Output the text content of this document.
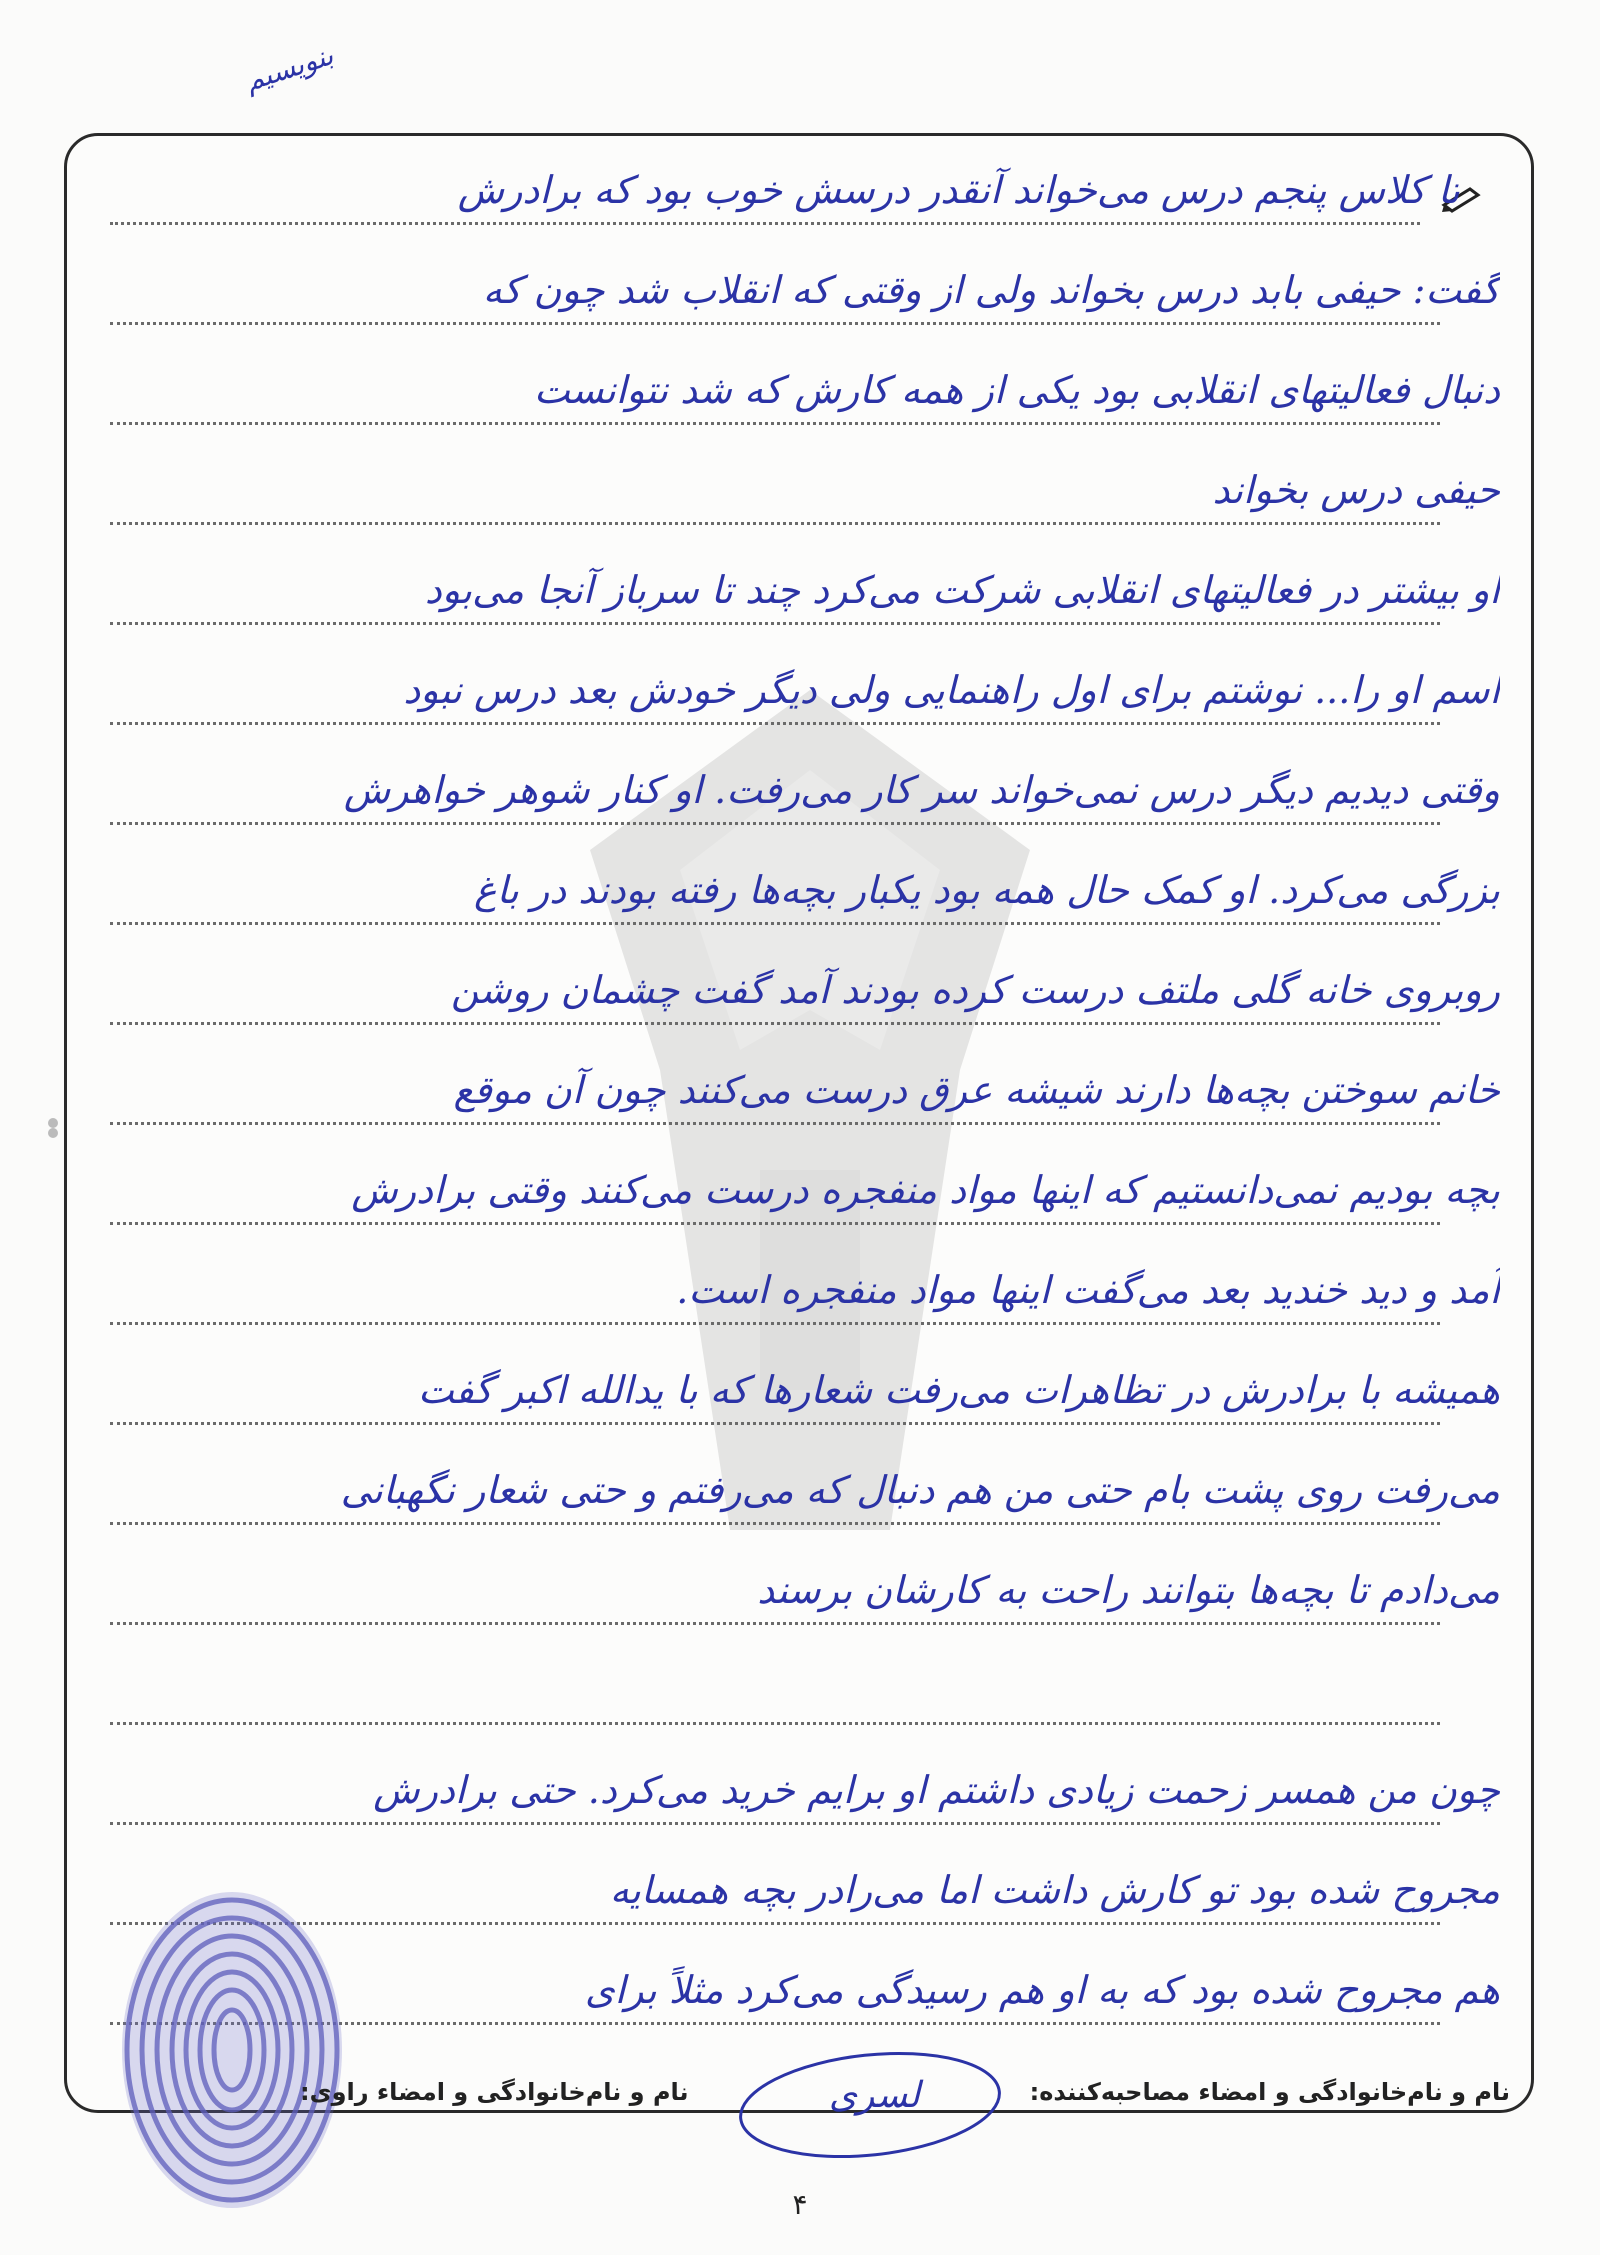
بنویسیم
تا کلاس پنجم درس می‌خواند آنقدر درسش خوب بود که برادرش
گفت: حیفی بابد درس بخواند ولی از وقتی که انقلاب شد چون که
دنبال فعالیتهای انقلابی بود یکی از همه کارش که شد نتوانست
حیفی درس بخواند
او بیشتر در فعالیتهای انقلابی شرکت می‌کرد چند تا سرباز آنجا می‌بود
اسم او را... نوشتم برای اول راهنمایی ولی دیگر خودش بعد درس نبود
وقتی دیدیم دیگر درس نمی‌خواند سر کار می‌رفت. او کنار شوهر خواهرش
بزرگی می‌کرد. او کمک حال همه بود یکبار بچه‌ها رفته بودند در باغ
روبروی خانه گلی ملتف درست کرده بودند آمد گفت چشمان روشن
خانم سوختن بچه‌ها دارند شیشه عرق درست می‌کنند چون آن موقع
بچه بودیم نمی‌دانستیم که اینها مواد منفجره درست می‌کنند وقتی برادرش
آمد و دید خندید بعد می‌گفت اینها مواد منفجره است.
همیشه با برادرش در تظاهرات می‌رفت شعارها که با یدالله اکبر گفت
می‌رفت روی پشت بام حتی من هم دنبال که می‌رفتم و حتی شعار نگهبانی
می‌دادم تا بچه‌ها بتوانند راحت به کارشان برسند
چون من همسر زحمت زیادی داشتم او برایم خرید می‌کرد. حتی برادرش
مجروح شده بود تو کارش داشت اما می‌رادر بچه همسایه
هم مجروح شده بود که به او هم رسیدگی می‌کرد مثلاً برای
لسری
نام و نام‌خانوادگی و امضاء راوی:	نام و نام‌خانوادگی و امضاء مصاحبه‌کننده:
۴
